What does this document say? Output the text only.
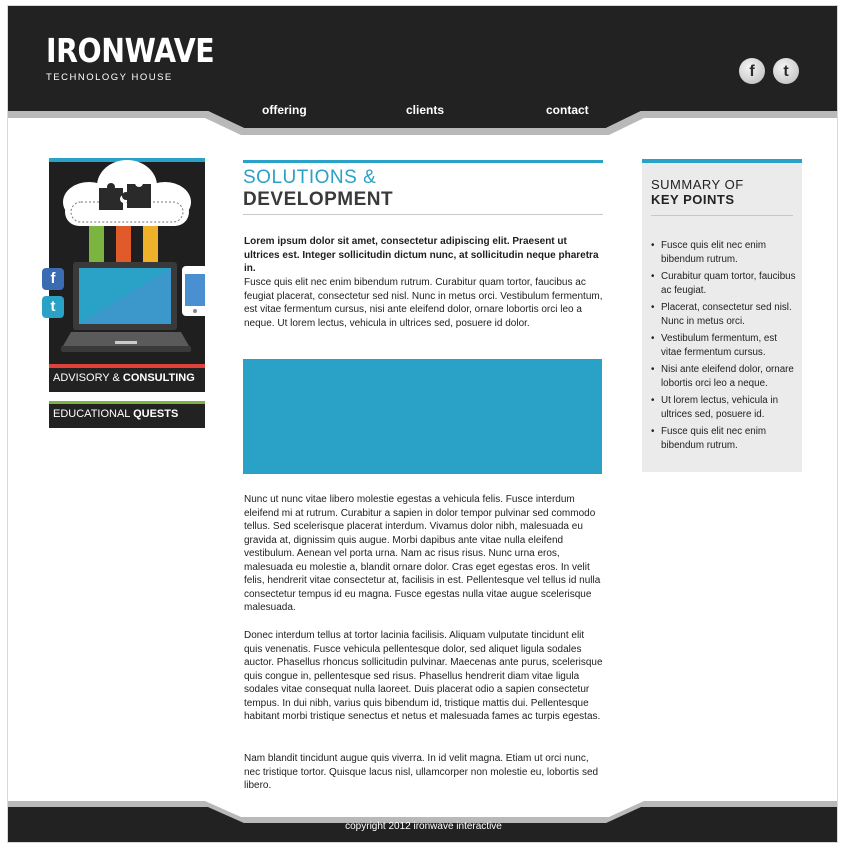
IRONWAVE
TECHNOLOGY HOUSE	f	t
offering	clients	contact
f
t
ADVISORY & CONSULTING
EDUCATIONAL QUESTS
SOLUTIONS &
DEVELOPMENT

Lorem ipsum dolor sit amet, consectetur adipiscing elit. Praesent ut ultrices est. Integer sollicitudin dictum nunc, at sollicitudin neque pharetra in.

Fusce quis elit nec enim bibendum rutrum. Curabitur quam tortor, faucibus ac feugiat placerat, consectetur sed nisl. Nunc in metus orci. Vestibulum fermentum, est vitae fermentum cursus, nisi ante eleifend dolor, ornare lobortis orci leo a neque. Ut lorem lectus, vehicula in ultrices sed, posuere id dolor.

Nunc ut nunc vitae libero molestie egestas a vehicula felis. Fusce interdum eleifend mi at rutrum. Curabitur a sapien in dolor tempor pulvinar sed commodo tellus. Sed scelerisque placerat interdum. Vivamus dolor nibh, malesuada eu gravida at, dignissim quis augue. Morbi dapibus ante vitae nulla eleifend vestibulum. Aenean vel porta urna. Nam ac risus risus. Nunc urna eros, malesuada eu molestie a, blandit ornare dolor. Cras eget egestas eros. In velit felis, hendrerit vitae consectetur at, facilisis in est. Pellentesque vel tellus id nulla consectetur tempus id eu magna. Fusce egestas nulla vitae augue scelerisque malesuada.

Donec interdum tellus at tortor lacinia facilisis. Aliquam vulputate tincidunt elit quis venenatis. Fusce vehicula pellentesque dolor, sed aliquet ligula sodales auctor. Phasellus rhoncus sollicitudin pulvinar. Maecenas ante purus, scelerisque quis congue in, pellentesque sed risus. Phasellus hendrerit diam vitae ligula sodales vitae consequat nulla laoreet. Duis placerat odio a sapien consectetur tempus. In dui nibh, varius quis bibendum id, tristique mattis dui. Pellentesque habitant morbi tristique senectus et netus et malesuada fames ac turpis egestas.

Nam blandit tincidunt augue quis viverra. In id velit magna. Etiam ut orci nunc, nec tristique tortor. Quisque lacus nisl, ullamcorper non molestie eu, lobortis sed libero.

SUMMARY OF
KEY POINTS
• Fusce quis elit nec enim bibendum rutrum.
• Curabitur quam tortor, faucibus ac feugiat.
• Placerat, consectetur sed nisl. Nunc in metus orci.
• Vestibulum fermentum, est vitae fermentum cursus.
• Nisi ante eleifend dolor, ornare lobortis orci leo a neque.
• Ut lorem lectus, vehicula in ultrices sed, posuere id.
• Fusce quis elit nec enim bibendum rutrum.
copyright 2012 ironwave interactive
